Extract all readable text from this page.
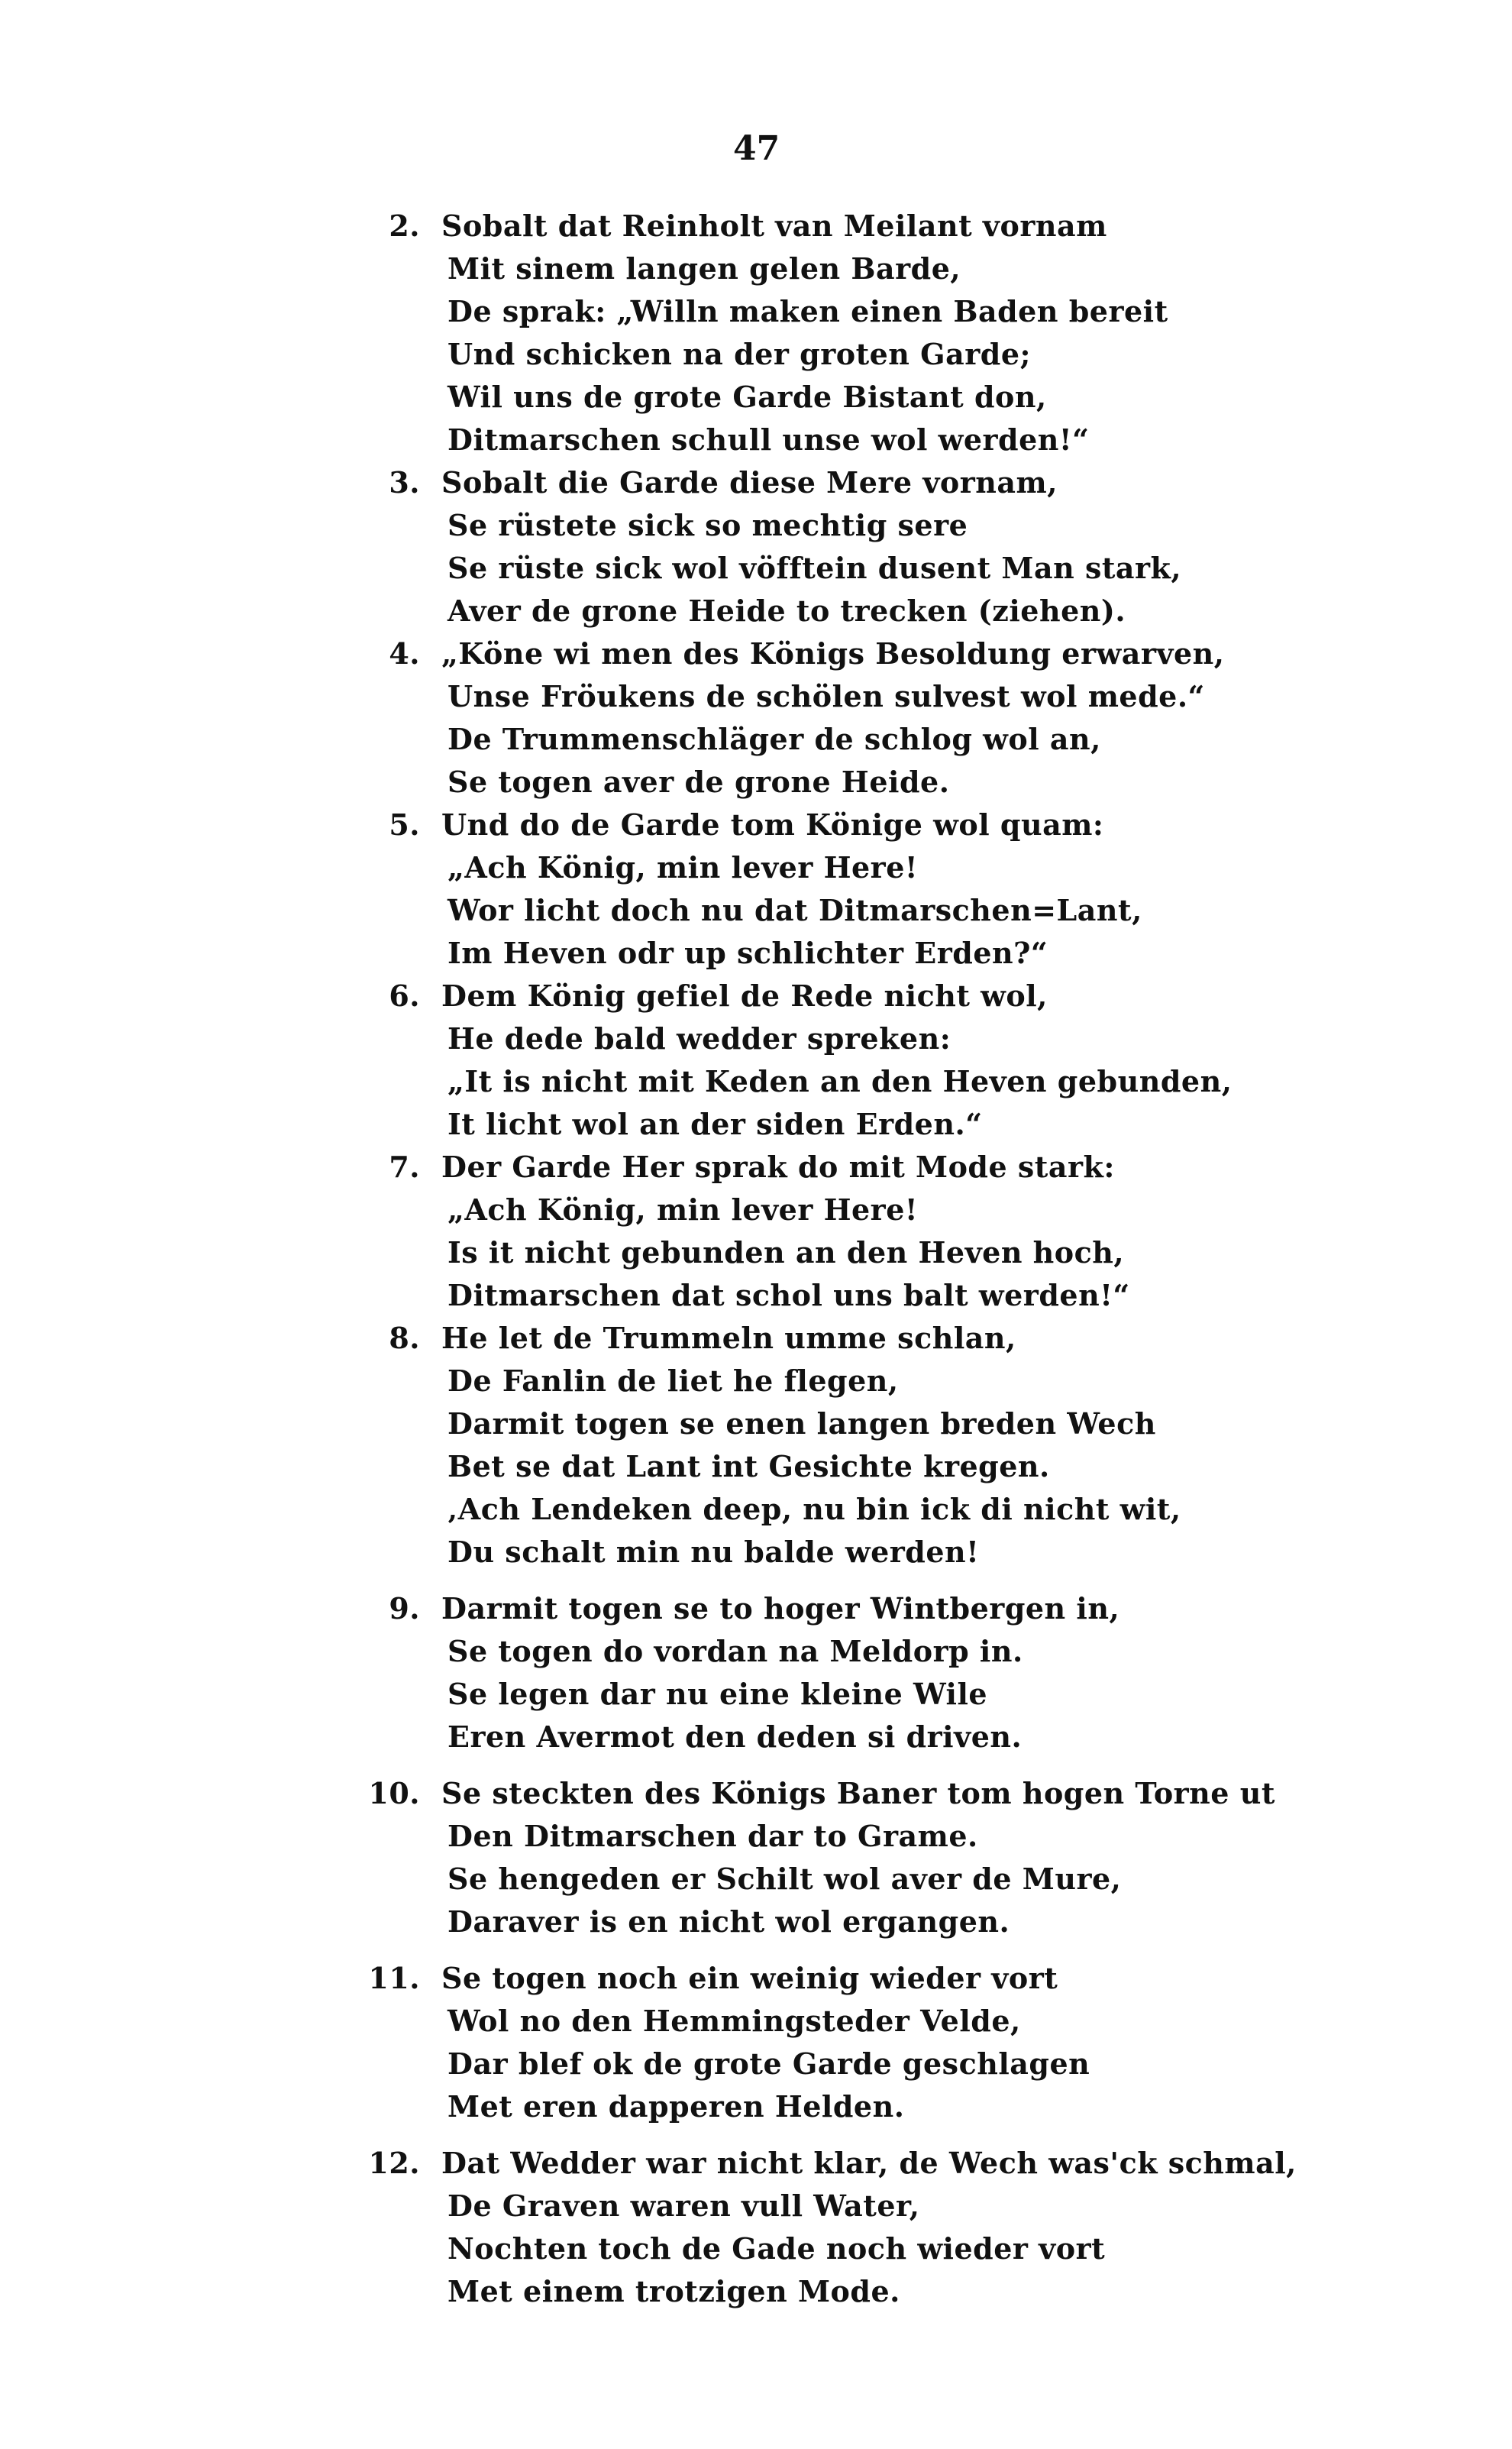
47
2. Sobalt dat Reinholt van Meilant vornam
Mit sinem langen gelen Barde,
De sprak: „Willn maken einen Baden bereit
Und schicken na der groten Garde;
Wil uns de grote Garde Bistant don,
Ditmarschen schull unse wol werden!“
3. Sobalt die Garde diese Mere vornam,
Se rüstete sick so mechtig sere
Se rüste sick wol vöfftein dusent Man stark,
Aver de grone Heide to trecken (ziehen).
4. „Köne wi men des Königs Besoldung erwarven,
Unse Fröukens de schölen sulvest wol mede.“
De Trummenschläger de schlog wol an,
Se togen aver de grone Heide.
5. Und do de Garde tom Könige wol quam:
„Ach König, min lever Here!
Wor licht doch nu dat Ditmarschen=Lant,
Im Heven odr up schlichter Erden?“
6. Dem König gefiel de Rede nicht wol,
He dede bald wedder spreken:
„It is nicht mit Keden an den Heven gebunden,
It licht wol an der siden Erden.“
7. Der Garde Her sprak do mit Mode stark:
„Ach König, min lever Here!
Is it nicht gebunden an den Heven hoch,
Ditmarschen dat schol uns balt werden!“
8. He let de Trummeln umme schlan,
De Fanlin de liet he flegen,
Darmit togen se enen langen breden Wech
Bet se dat Lant int Gesichte kregen.
‚Ach Lendeken deep, nu bin ick di nicht wit,
Du schalt min nu balde werden!
9. Darmit togen se to hoger Wintbergen in,
Se togen do vordan na Meldorp in.
Se legen dar nu eine kleine Wile
Eren Avermot den deden si driven.
10. Se steckten des Königs Baner tom hogen Torne ut
Den Ditmarschen dar to Grame.
Se hengeden er Schilt wol aver de Mure,
Daraver is en nicht wol ergangen.
11. Se togen noch ein weinig wieder vort
Wol no den Hemmingsteder Velde,
Dar blef ok de grote Garde geschlagen
Met eren dapperen Helden.
12. Dat Wedder war nicht klar, de Wech was'ck schmal,
De Graven waren vull Water,
Nochten toch de Gade noch wieder vort
Met einem trotzigen Mode.
